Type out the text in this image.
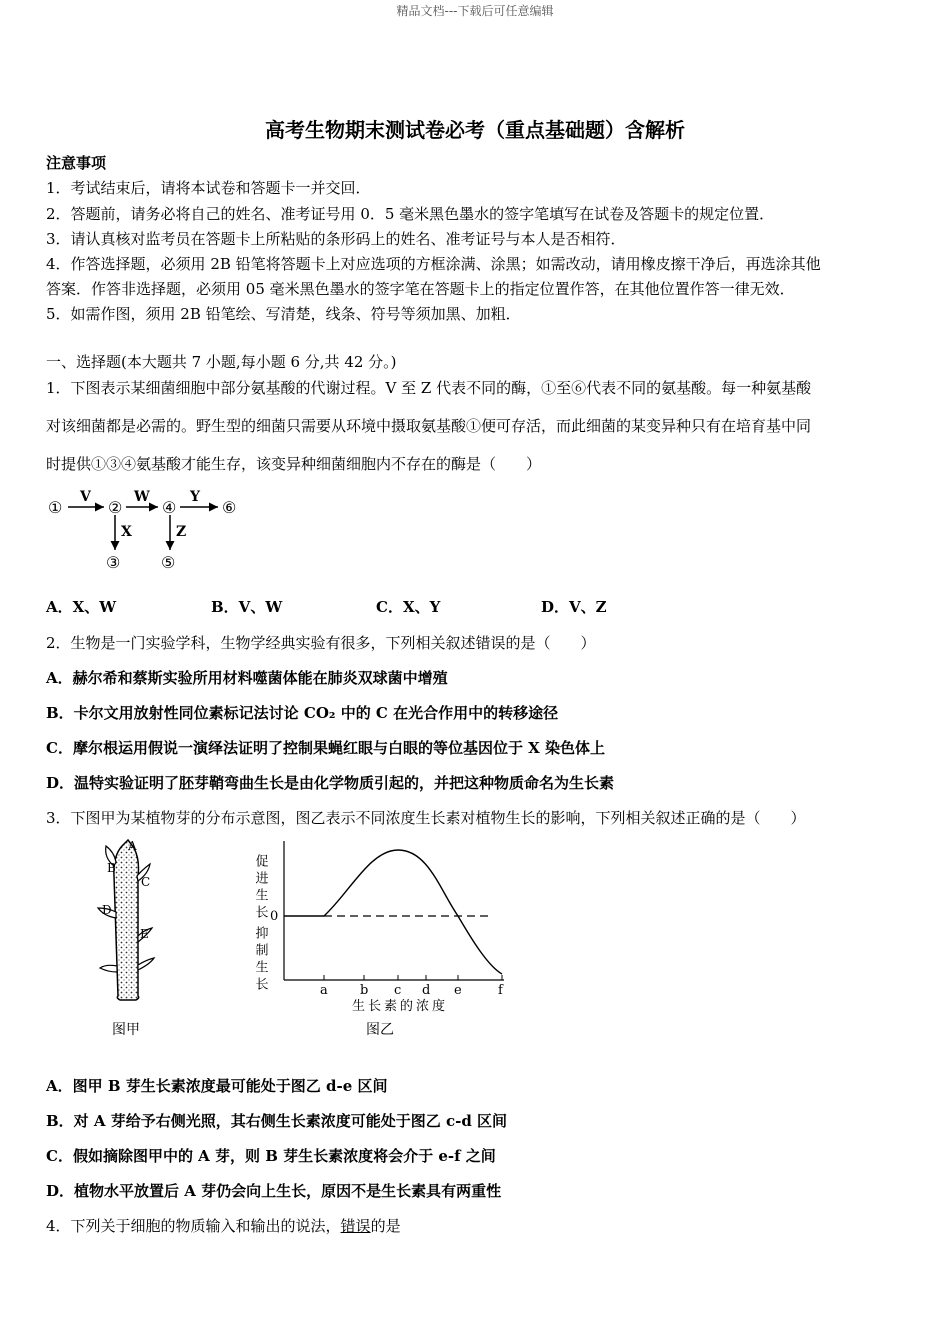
精品文档---下载后可任意编辑
高考生物期末测试卷必考（重点基础题）含解析
注意事项
1．考试结束后，请将本试卷和答题卡一并交回．
2．答题前，请务必将自己的姓名、准考证号用 0．5 毫米黑色墨水的签字笔填写在试卷及答题卡的规定位置．
3．请认真核对监考员在答题卡上所粘贴的条形码上的姓名、准考证号与本人是否相符．
4．作答选择题，必须用 2B 铅笔将答题卡上对应选项的方框涂满、涂黑；如需改动，请用橡皮擦干净后，再选涂其他
答案．作答非选择题，必须用 05 毫米黑色墨水的签字笔在答题卡上的指定位置作答，在其他位置作答一律无效．
5．如需作图，须用 2B 铅笔绘、写清楚，线条、符号等须加黑、加粗．
一、选择题(本大题共 7 小题,每小题 6 分,共 42 分。)
1．下图表示某细菌细胞中部分氨基酸的代谢过程。V 至 Z 代表不同的酶，①至⑥代表不同的氨基酸。每一种氨基酸
对该细菌都是必需的。野生型的细菌只需要从环境中摄取氨基酸①便可存活，而此细菌的某变异种只有在培育基中同
时提供①③④氨基酸才能生存，该变异种细菌细胞内不存在的酶是（　　）
①	② ④	⑥
③	⑤
V	W	Y
X	Z
A．X、W	B．V、W	C．X、Y	D．V、Z
2．生物是一门实验学科，生物学经典实验有很多，下列相关叙述错误的是（　　）
A．赫尔希和蔡斯实验所用材料噬菌体能在肺炎双球菌中增殖
B．卡尔文用放射性同位素标记法讨论 CO₂ 中的 C 在光合作用中的转移途径
C．摩尔根运用假说一演绎法证明了控制果蝇红眼与白眼的等位基因位于 X 染色体上
D．温特实验证明了胚芽鞘弯曲生长是由化学物质引起的，并把这种物质命名为生长素
3．下图甲为某植物芽的分布示意图，图乙表示不同浓度生长素对植物生长的影响，下列相关叙述正确的是（　　）
A
B
C
D
E
图甲
促进生长
抑制生长
0
a b c d e	f
生长素的浓度
图乙
A．图甲 B 芽生长素浓度最可能处于图乙 d-e 区间
B．对 A 芽给予右侧光照，其右侧生长素浓度可能处于图乙 c-d 区间
C．假如摘除图甲中的 A 芽，则 B 芽生长素浓度将会介于 e-f 之间
D．植物水平放置后 A 芽仍会向上生长，原因不是生长素具有两重性
4．下列关于细胞的物质输入和输出的说法，错误的是
